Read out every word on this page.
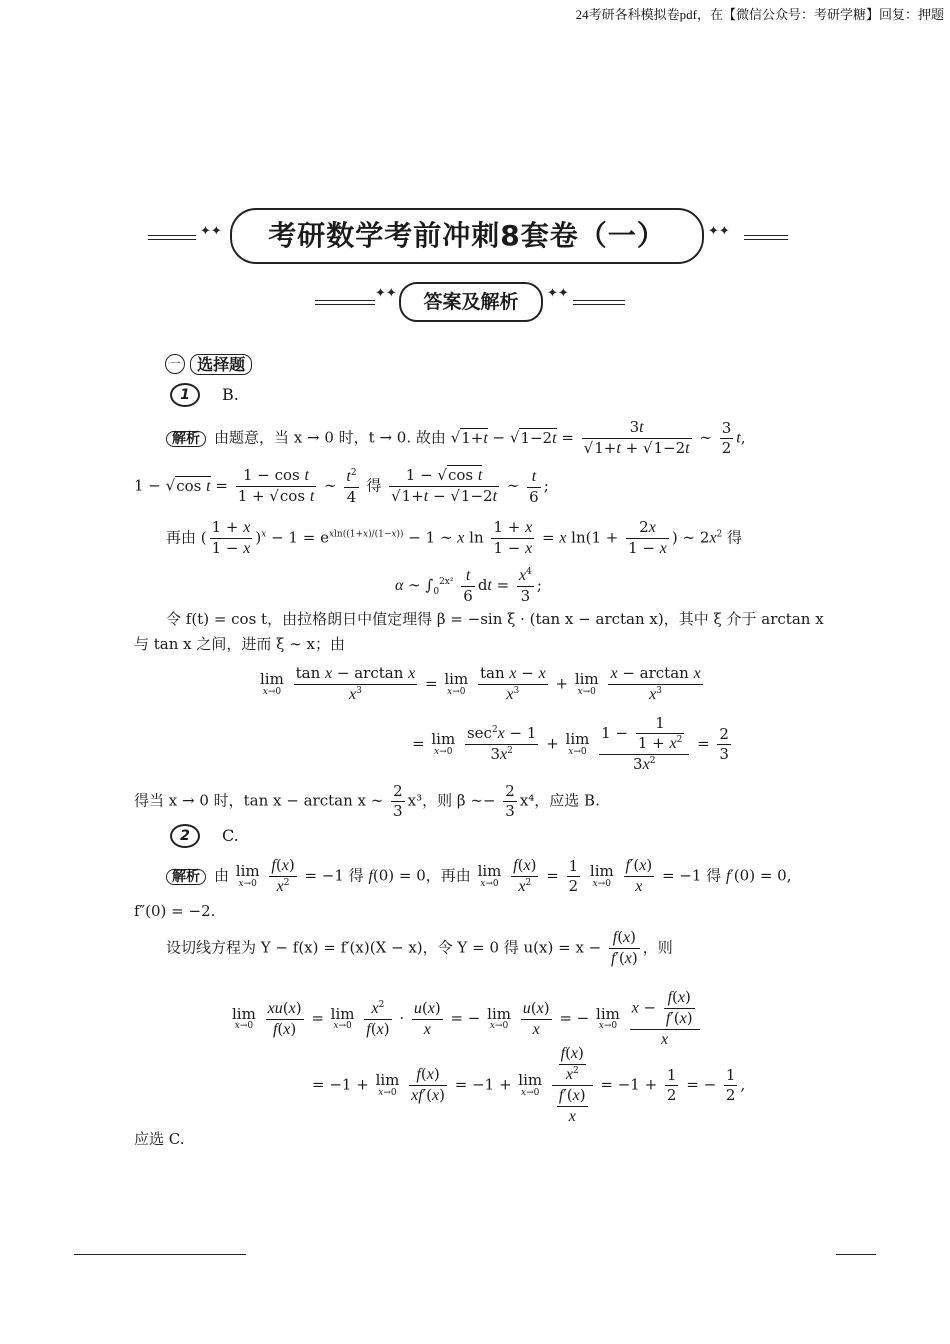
24考研各科模拟卷pdf，在【微信公众号：考研学糖】回复：押题
✦✦	考研数学考前冲刺8套卷（一）	✦✦
✦✦	答案及解析	✦✦
一 选择题
1	B.
解析 由题意，当 x → 0 时，t → 0. 故由 $√1+t - √1-2t = \frac{3t}{√1+t + √1-2t}$ ∼ $\frac{3}{2} t$,
1 − √cos $t = \frac{\text{1 − cos t}}{\text{1 + √cos t}}$ ∼ $\frac{t^2}{4}$ 得 $\frac{\text{1 − √cos t}}{√1+t - √1-2t}$ ∼ $\frac{t}{6}$ ;
再由 ( $\frac{1 + x}{1 - x} )^x - 1 = e^{xln((1+x)/(1-x))} - 1$ ∼ x $\ln \frac{1 + x}{1 - x} = x$ $\ln(1 + \frac{2x}{1 - x}$ ) ∼ $2x^2$ 得
α ∼ $\int_0^{2x^2} \frac{t}{6}$ dt = $\frac{x^4}{3}$ ;
令 f(t) = cos t，由拉格朗日中值定理得 β = −sin ξ · (tan x − arctan x)，其中 ξ 介于 arctan x
与 tan x 之间，进而 ξ ∼ x；由
lim
x→0
$\frac{\text{tan x − arctan x}}{x^3} = \lim$
x→0
$\frac{\text{tan x − x}}{x^3} + \lim$
x→0
$\frac{\text{x − arctan x}}{x^3}$
= lim
x→0
$\frac{\sec^2x - 1}{3x^2} + \lim$
x→0
$\frac{1 - \frac{1}{1 + x^2}}{3x^2} = \frac{2}{3}$
得当 x → 0 时，tan x − arctan x ∼ $\frac{2}{3} x^3$，则 β ∼− $\frac{2}{3} x^4$，应选 B.
2	C.
解析 由 lim
x→0
$\frac{f(x)}{x^2} = -1$ 得 f(0) = 0，再由 lim
x→0
$\frac{f(x)}{x^2} = \frac{1}{2}$
lim
x→0
$\frac{f'(x)}{x} = -1$ 得 f′(0) = 0,
f″(0) = −2.
设切线方程为 Y − f(x) = f′(x)(X − x)，令 Y = 0 得 $u(x) = x - \frac{f(x)}{f'(x)}$ ，则
lim
x→0
$\frac{xu(x)}{f(x)} = \lim$
x→0
$\frac{x^2}{f(x)} \cdot \frac{u(x)}{x}$ = − lim
x→0
$\frac{u(x)}{x}$ = − lim
x→0
$\frac{x - \frac{f(x)}{f'(x)}}{x}$
= −1 + lim
x→0
$\frac{f(x)}{xf'(x)} = -1 + \lim$
x→0
$\frac{\frac{f(x)}{x^2}}{\frac{f'(x)}{x}} = -1 + \frac{1}{2}$ = − $\frac{1}{2}$ ,
应选 C.
